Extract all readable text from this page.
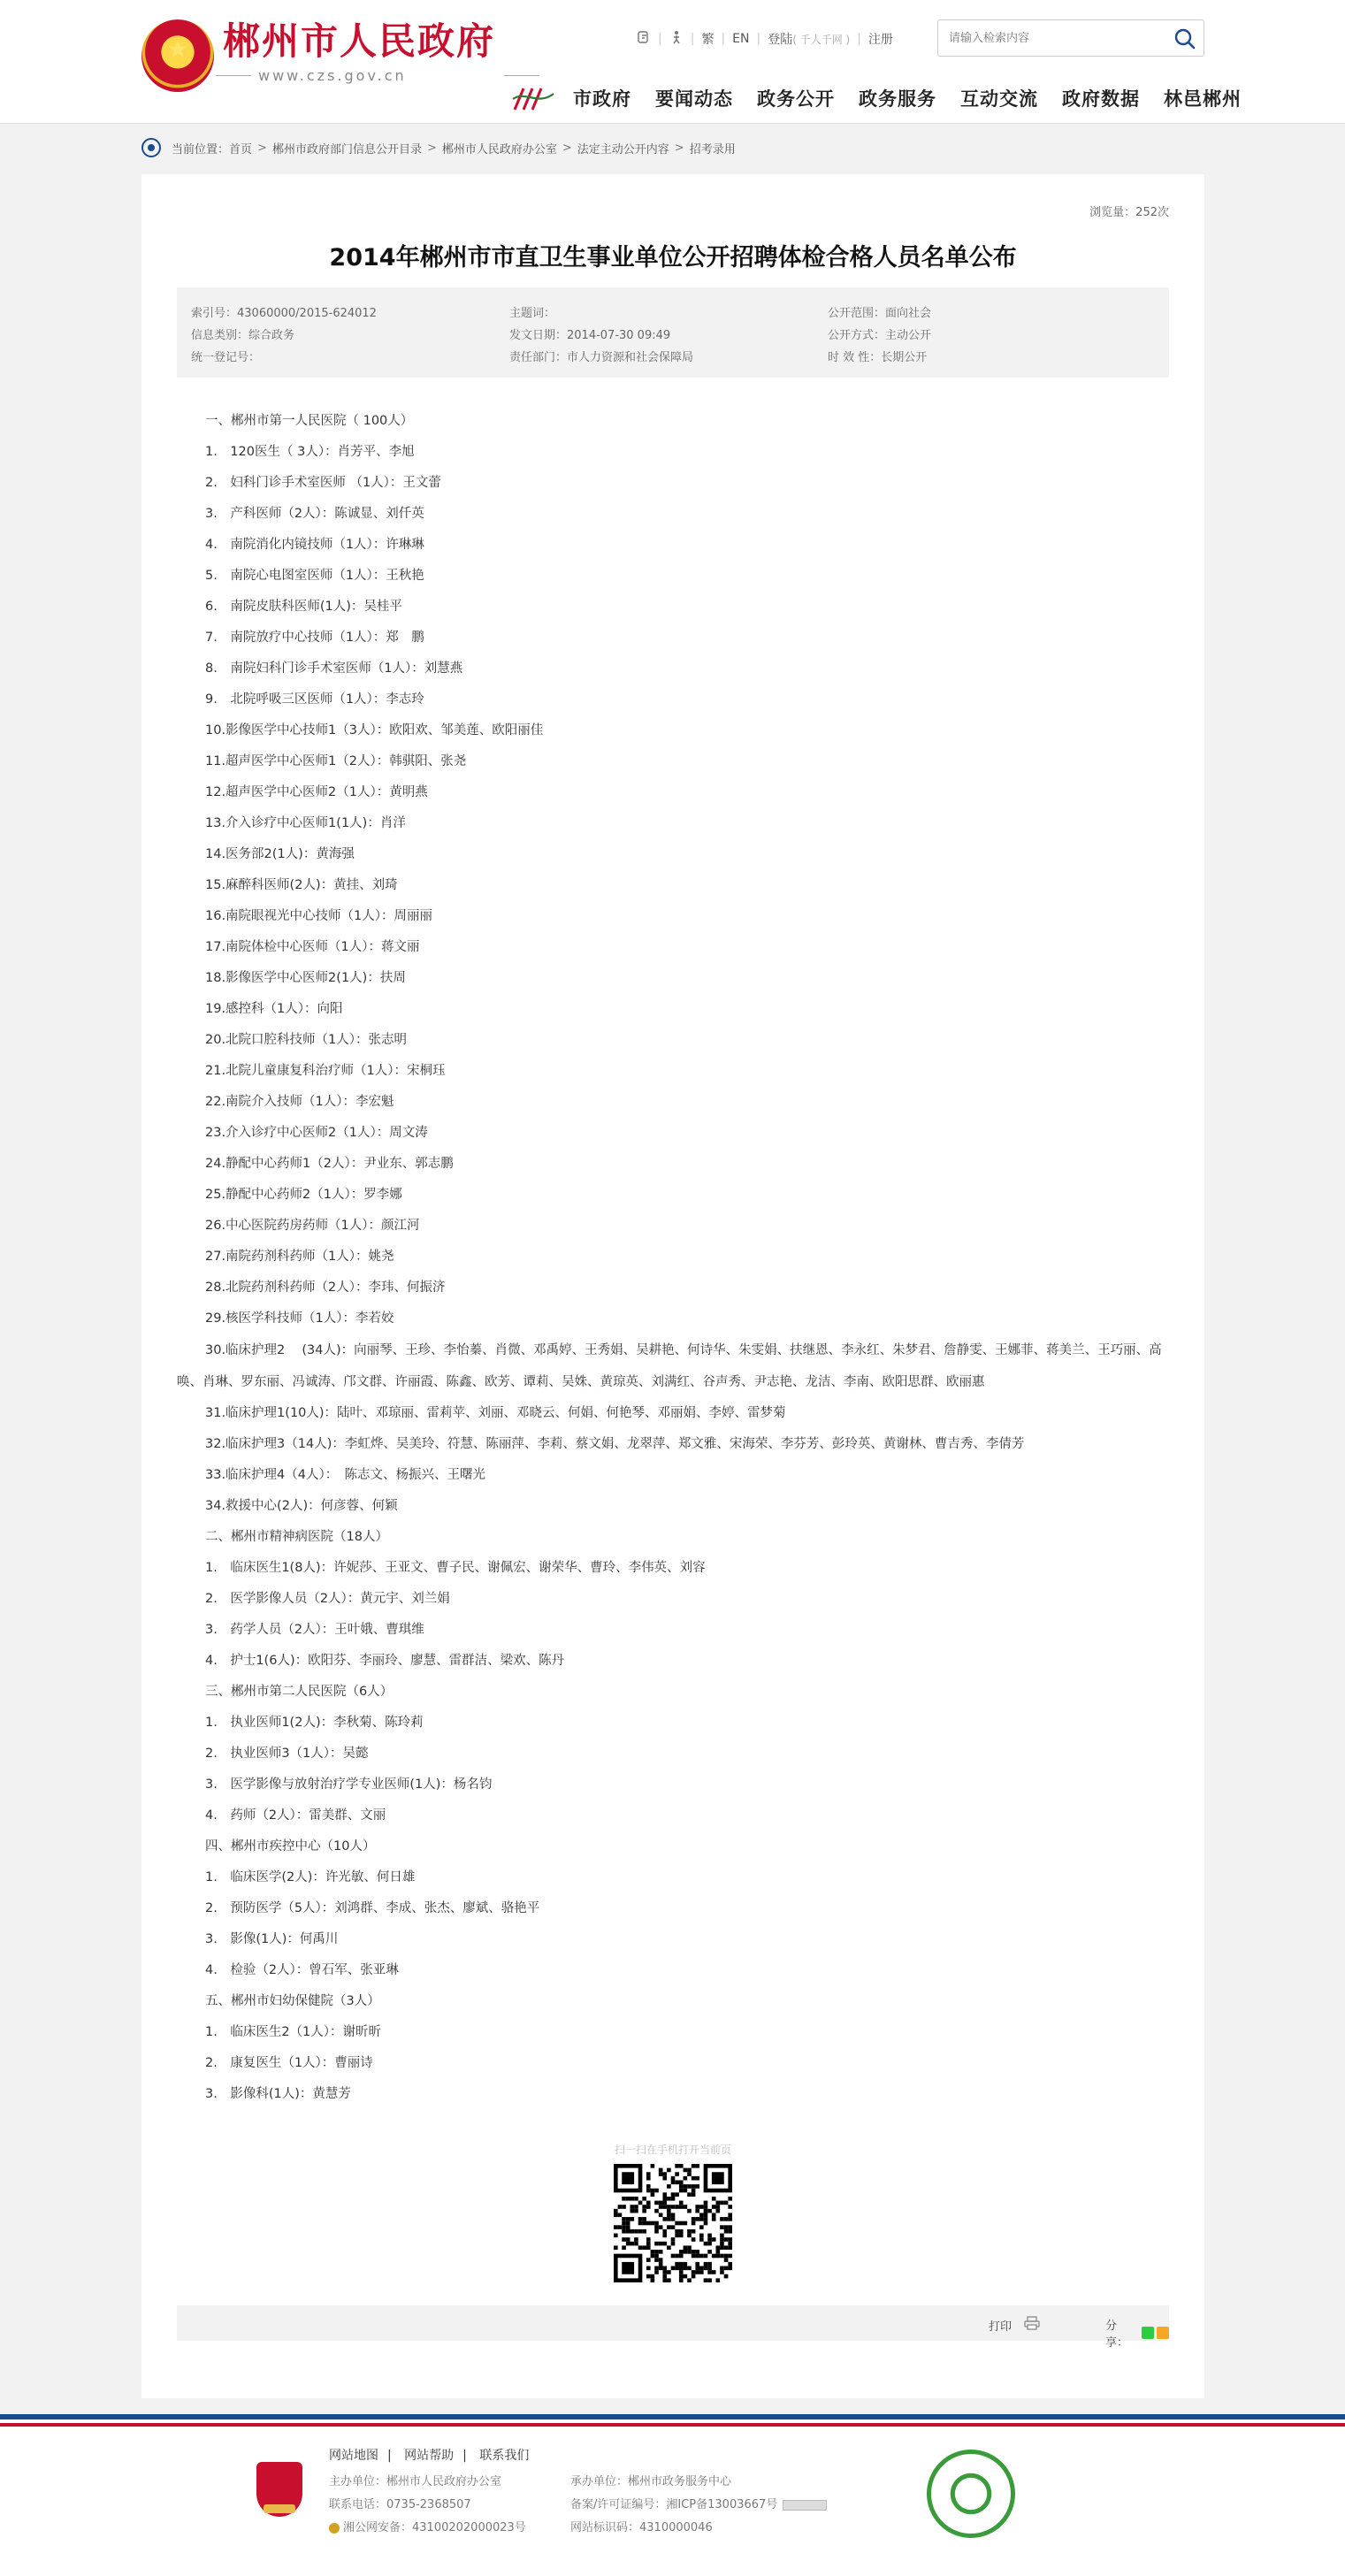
★
郴州市人民政府
www.czs.gov.cn
| | 繁 | EN | 登陆 ( 千人千网 ) | 注册
请输入检索内容
市政府 要闻动态 政务公开 政务服务 互动交流 政府数据 林邑郴州
当前位置： 首页 > 郴州市政府部门信息公开目录 > 郴州市人民政府办公室 > 法定主动公开内容 > 招考录用
浏览量：252次
2014年郴州市市直卫生事业单位公开招聘体检合格人员名单公布
索引号：43060000/2015-624012	主题词：	公开范围：面向社会
信息类别：综合政务	发文日期：2014-07-30 09:49	公开方式：主动公开
统一登记号：	责任部门：市人力资源和社会保障局	时 效 性：长期公开

一、郴州市第一人民医院（ 100人）

1.　120医生（ 3人）：肖芳平、李旭

2.　妇科门诊手术室医师 （1人）：王文蕾

3.　产科医师（2人）：陈诚显、刘仟英

4.　南院消化内镜技师（1人）：许琳琳

5.　南院心电图室医师（1人）：王秋艳

6.　南院皮肤科医师(1人)：吴桂平

7.　南院放疗中心技师（1人）：郑　鹏

8.　南院妇科门诊手术室医师（1人）：刘慧燕

9.　北院呼吸三区医师（1人）：李志玲

10.影像医学中心技师1（3人）：欧阳欢、邹美莲、欧阳丽佳

11.超声医学中心医师1（2人）：韩骐阳、张尧

12.超声医学中心医师2（1人）：黄明燕

13.介入诊疗中心医师1(1人)：肖洋

14.医务部2(1人)：黄海强

15.麻醉科医师(2人)：黄挂、刘琦

16.南院眼视光中心技师（1人）：周丽丽

17.南院体检中心医师（1人）：蒋文丽

18.影像医学中心医师2(1人)：扶周

19.感控科（1人）：向阳

20.北院口腔科技师（1人）：张志明

21.北院儿童康复科治疗师（1人）：宋桐珏

22.南院介入技师（1人）：李宏魁

23.介入诊疗中心医师2（1人）：周文涛

24.静配中心药师1（2人）：尹业东、郭志鹏

25.静配中心药师2（1人）：罗李娜

26.中心医院药房药师（1人）：颜江河

27.南院药剂科药师（1人）：姚尧

28.北院药剂科药师（2人）：李玮、何振济

29.核医学科技师（1人）：李若姣

30.临床护理2　 (34人)：向丽琴、王珍、李怡蓁、肖微、邓禹婷、王秀娟、吴耕艳、何诗华、朱雯娟、扶继恩、李永红、朱梦君、詹静雯、王娜菲、蒋美兰、王巧丽、高唤、肖琳、罗东丽、冯诚涛、邝文群、许丽霞、陈鑫、欧芳、谭莉、吴姝、黄琼英、刘满红、谷声秀、尹志艳、龙洁、李南、欧阳思群、欧丽惠

31.临床护理1(10人)：陆叶、邓琼丽、雷莉苹、刘丽、邓晓云、何娟、何艳琴、邓丽娟、李婷、雷梦菊

32.临床护理3（14人)：李虹烨、吴美玲、符慧、陈丽萍、李莉、蔡文娟、龙翠萍、郑文雅、宋海荣、李芬芳、彭玲英、黄谢林、曹吉秀、李倩芳

33.临床护理4（4人）：　陈志文、杨振兴、王曙光

34.救援中心(2人)：何彦蓉、何颖

二、郴州市精神病医院（18人）

1.　临床医生1(8人)：许妮莎、王亚文、曹子民、谢佩宏、谢荣华、曹玲、李伟英、刘容

2.　医学影像人员（2人）：黄元宇、刘兰娟

3.　药学人员（2人）：王叶娥、曹琪维

4.　护士1(6人)：欧阳芬、李丽玲、廖慧、雷群洁、梁欢、陈丹

三、郴州市第二人民医院（6人）

1.　执业医师1(2人)：李秋菊、陈玲莉

2.　执业医师3（1人）：吴懿

3.　医学影像与放射治疗学专业医师(1人)：杨名钧

4.　药师（2人）：雷美群、文丽

四、郴州市疾控中心（10人）

1.　临床医学(2人)：许光敏、何日雄

2.　预防医学（5人）：刘鸿群、李成、张杰、廖斌、骆艳平

3.　影像(1人)：何禹川

4.　检验（2人）：曾石军、张亚琳

五、郴州市妇幼保健院（3人）

1.　临床医生2（1人）：谢昕昕

2.　康复医生（1人）：曹丽诗

3.　影像科(1人)：黄慧芳

扫一扫在手机打开当前页
打印	分享：
网站地图 | 网站帮助 | 联系我们
主办单位：郴州市人民政府办公室
联系电话：0735-2368507
湘公网安备：43100202000023号
承办单位：郴州市政务服务中心
备案/许可证编号：湘ICP备13003667号
网站标识码：4310000046
